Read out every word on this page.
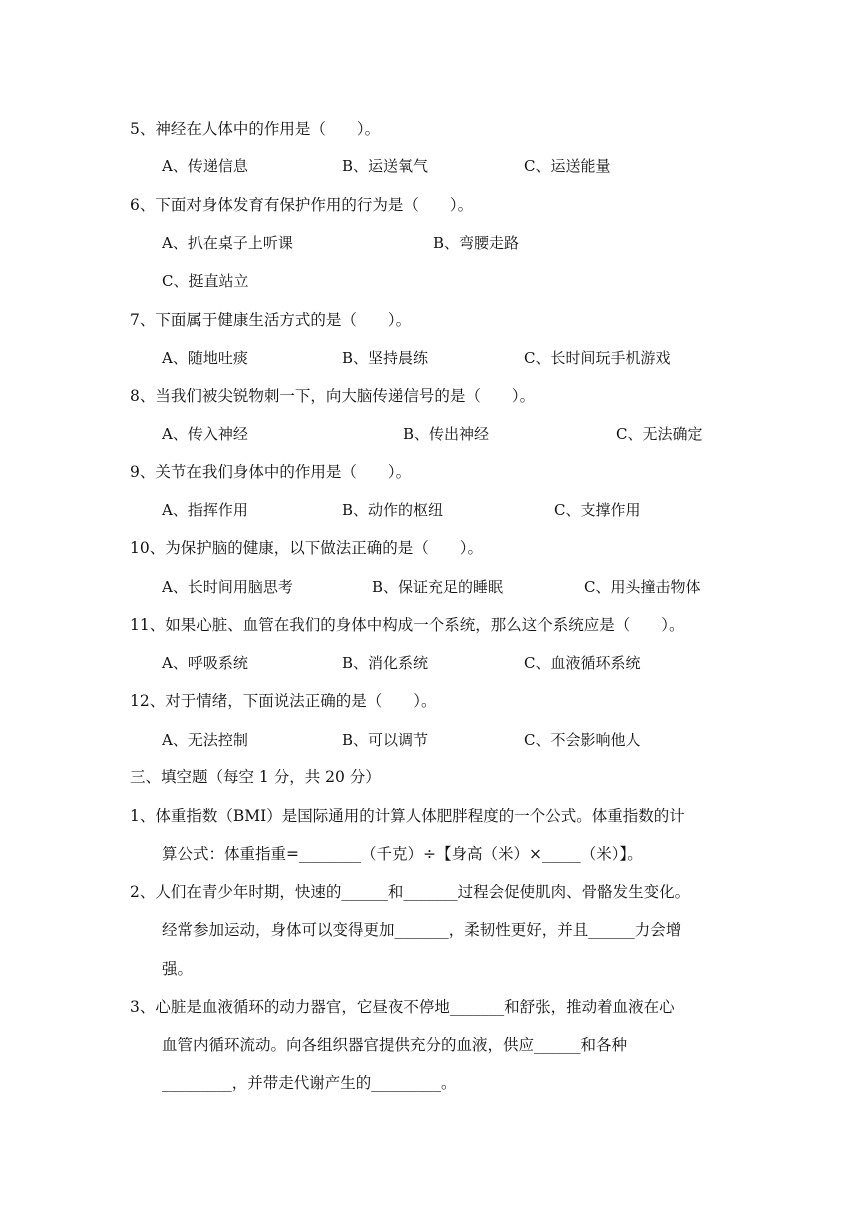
5、神经在人体中的作用是（　　）。
A、传递信息	B、运送氧气	C、运送能量
6、下面对身体发育有保护作用的行为是（　　）。
A、扒在桌子上听课	B、弯腰走路
C、挺直站立
7、下面属于健康生活方式的是（　　）。
A、随地吐痰	B、坚持晨练	C、长时间玩手机游戏
8、当我们被尖锐物刺一下，向大脑传递信号的是（　　）。
A、传入神经	B、传出神经	C、无法确定
9、关节在我们身体中的作用是（　　）。
A、指挥作用	B、动作的枢纽	C、支撑作用
10、为保护脑的健康，以下做法正确的是（　　）。
A、长时间用脑思考	B、保证充足的睡眠	C、用头撞击物体
11、如果心脏、血管在我们的身体中构成一个系统，那么这个系统应是（　　）。
A、呼吸系统	B、消化系统	C、血液循环系统
12、对于情绪，下面说法正确的是（　　）。
A、无法控制	B、可以调节	C、不会影响他人
三、填空题（每空 1 分，共 20 分）
1、体重指数（BMI）是国际通用的计算人体肥胖程度的一个公式。体重指数的计
算公式：体重指重=________（千克）÷【身高（米）×_____（米）】。
2、人们在青少年时期，快速的______和_______过程会促使肌肉、骨骼发生变化。
经常参加运动，身体可以变得更加_______，柔韧性更好，并且______力会增
强。
3、心脏是血液循环的动力器官，它昼夜不停地_______和舒张，推动着血液在心
血管内循环流动。向各组织器官提供充分的血液，供应______和各种
_________，并带走代谢产生的_________。
